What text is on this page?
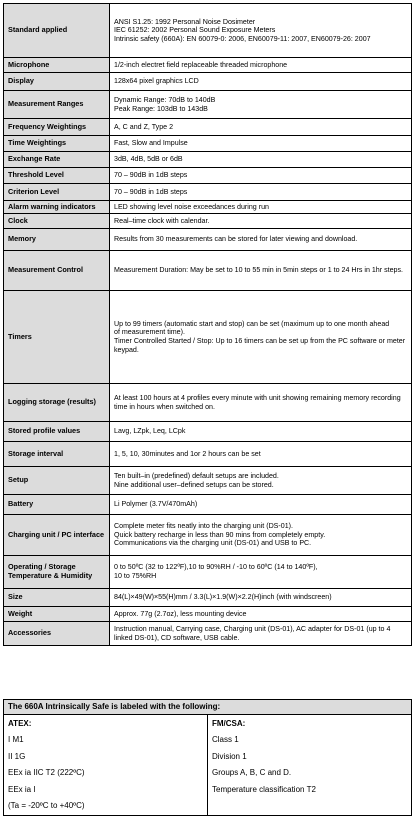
Standard applied	ANSI S1.25: 1992 Personal Noise Dosimeter
IEC 61252: 2002 Personal Sound Exposure Meters
Intrinsic safety (660A): EN 60079-0: 2006, EN60079-11: 2007, EN60079-26: 2007

Microphone	1/2-inch electret field replaceable threaded microphone

Display	128x64 pixel graphics LCD

Measurement Ranges	Dynamic Range: 70dB to 140dB
Peak Range: 103dB to 143dB

Frequency Weightings	A, C and Z, Type 2

Time Weightings	Fast, Slow and Impulse

Exchange Rate	3dB, 4dB, 5dB or 6dB

Threshold Level	70 – 90dB in 1dB steps

Criterion Level	70 – 90dB in 1dB steps

Alarm warning indicators	LED showing level noise exceedances during run

Clock	Real–time clock with calendar.

Memory	Results from 30 measurements can be stored for later viewing and download.

Measurement Control	Measurement Duration: May be set to 10 to 55 min in 5min steps or 1 to 24 Hrs in 1hr steps.

Timers	Up to 99 timers (automatic start and stop) can be set (maximum up to one month ahead
of measurement time).
Timer Controlled Started / Stop: Up to 16 timers can be set up from the PC software or meter keypad.

Logging storage (results)	At least 100 hours at 4 profiles every minute with unit showing remaining memory recording time in hours when switched on.

Stored profile values	Lavg, LZpk, Leq, LCpk

Storage interval	1, 5, 10, 30minutes and 1or 2 hours can be set

Setup	Ten built–in (predefined) default setups are included.
Nine additional user–defined setups can be stored.

Battery	Li Polymer (3.7V/470mAh)

Charging unit / PC interface	Complete meter fits neatly into the charging unit (DS-01).
Quick battery recharge in less than 90 mins from completely empty.
Communications via the charging unit (DS-01) and USB to PC.

Operating / Storage Temperature & Humidity	0 to 50ºC (32 to 122ºF),10 to 90%RH / -10 to 60ºC (14 to 140ºF),
10 to 75%RH

Size	84(L)×49(W)×55(H)mm / 3.3(L)×1.9(W)×2.2(H)inch (with windscreen)

Weight	Approx. 77g (2.7oz), less mounting device

Accessories	Instruction manual, Carrying case, Charging unit (DS-01), AC adapter for DS-01 (up to 4 linked DS-01), CD software, USB cable.
The 660A Intrinsically Safe is labeled with the following:

ATEX:
I M1
II 1G
EEx ia IIC T2 (222ºC)
EEx ia I
(Ta = -20ºC to +40ºC)

FM/CSA:
Class 1
Division 1
Groups A, B, C and D.
Temperature classification T2
